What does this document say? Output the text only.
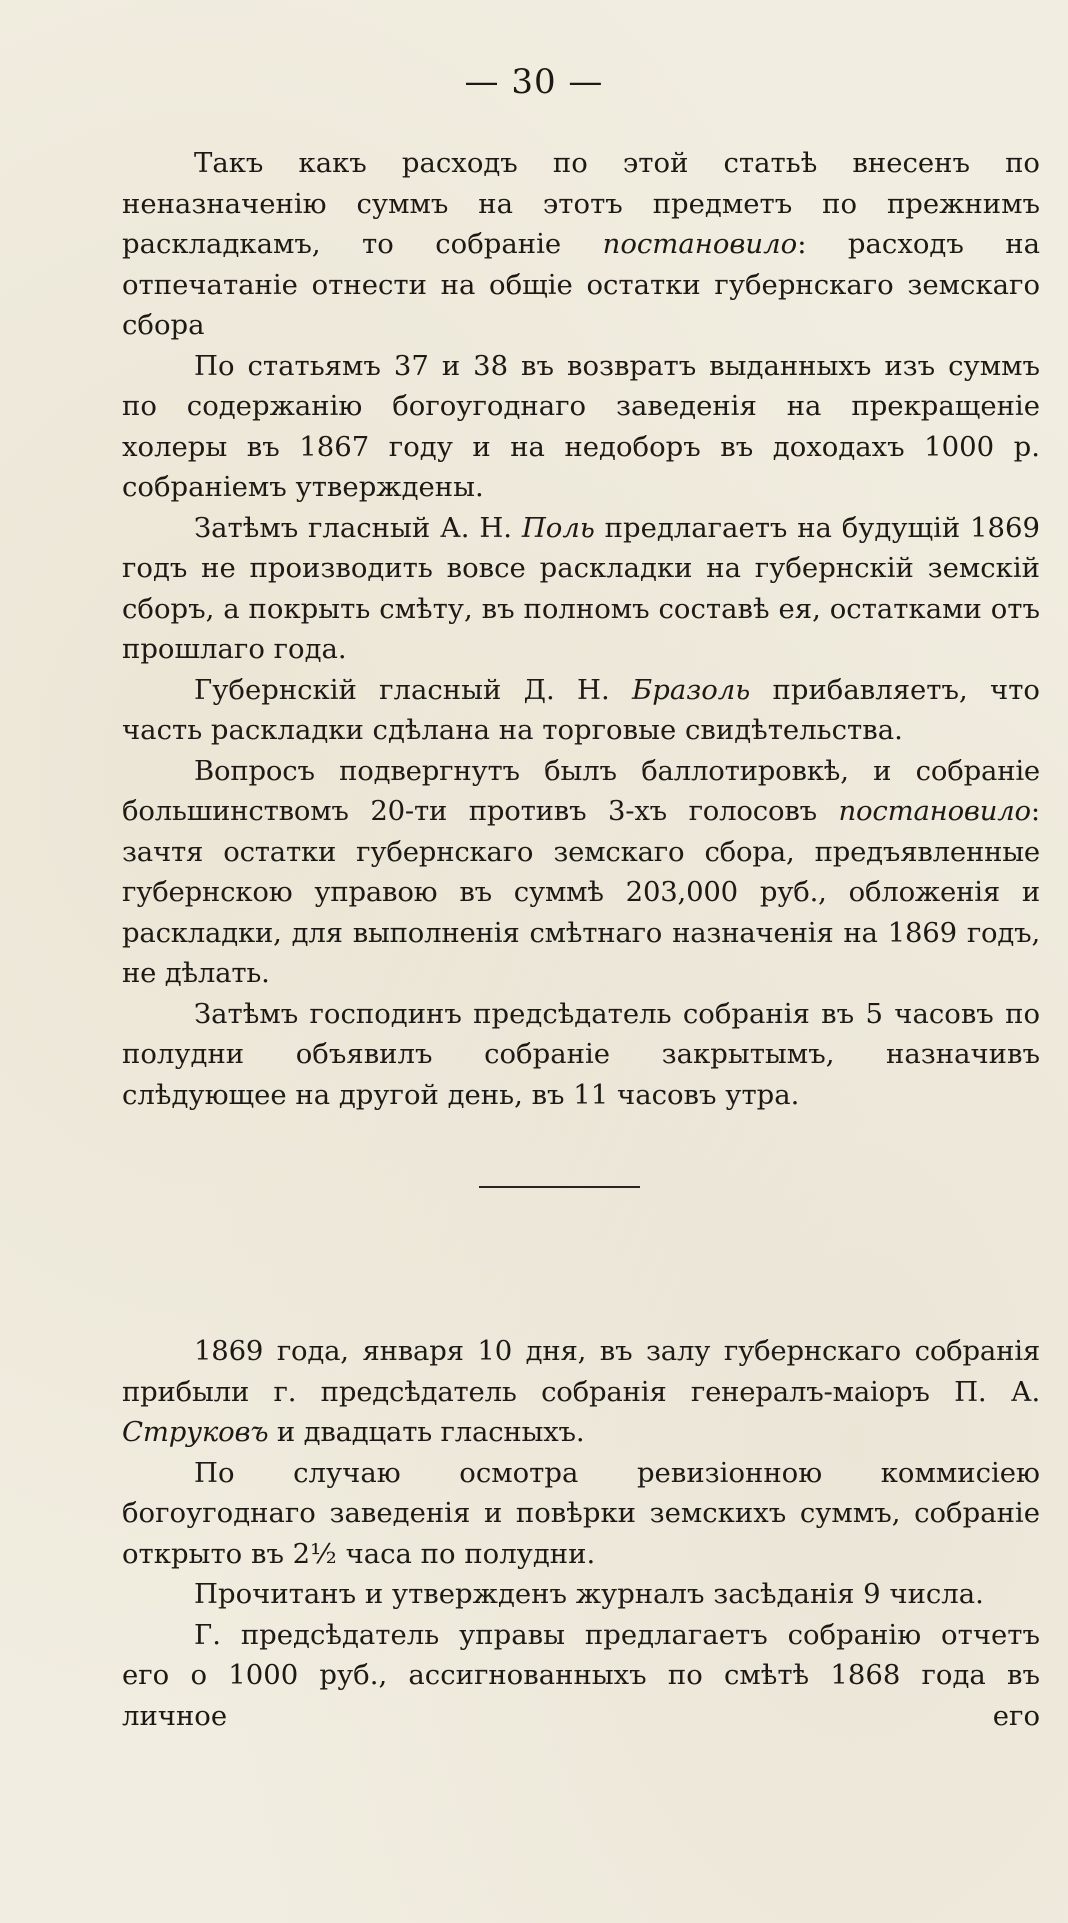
— 30 —

Такъ какъ расходъ по этой статьѣ внесенъ по неназначенію суммъ на этотъ предметъ по прежнимъ раскладкамъ, то собраніе постановило: расходъ на отпечатаніе отнести на общіе остатки губернскаго земскаго сбора

По статьямъ 37 и 38 въ возвратъ выданныхъ изъ суммъ по содержанію богоугоднаго заведенія на прекращеніе холеры въ 1867 году и на недоборъ въ доходахъ 1000 р. собраніемъ утверждены.

Затѣмъ гласный А. Н. Поль предлагаетъ на будущій 1869 годъ не производить вовсе раскладки на губернскій земскій сборъ, а покрыть смѣту, въ полномъ составѣ ея, остатками отъ прошлаго года.

Губернскій гласный Д. Н. Бразоль прибавляетъ, что часть раскладки сдѣлана на торговые свидѣтельства.

Вопросъ подвергнутъ былъ баллотировкѣ, и собраніе большинствомъ 20-ти противъ 3-хъ голосовъ постановило: зачтя остатки губернскаго земскаго сбора, предъявленные губернскою управою въ суммѣ 203,000 руб., обложенія и раскладки, для выполненія смѣтнаго назначенія на 1869 годъ, не дѣлать.

Затѣмъ господинъ предсѣдатель собранія въ 5 часовъ по полудни объявилъ собраніе закрытымъ, назначивъ слѣдующее на другой день, въ 11 часовъ утра.

1869 года, января 10 дня, въ залу губернскаго собранія прибыли г. предсѣдатель собранія генералъ-маіоръ П. А. Струковъ и двадцать гласныхъ.

По случаю осмотра ревизіонною коммисіею богоугоднаго заведенія и повѣрки земскихъ суммъ, собраніе открыто въ 2½ часа по полудни.

Прочитанъ и утвержденъ журналъ засѣданія 9 числа.

Г. предсѣдатель управы предлагаетъ собранію отчетъ его о 1000 руб., ассигнованныхъ по смѣтѣ 1868 года въ личное его
